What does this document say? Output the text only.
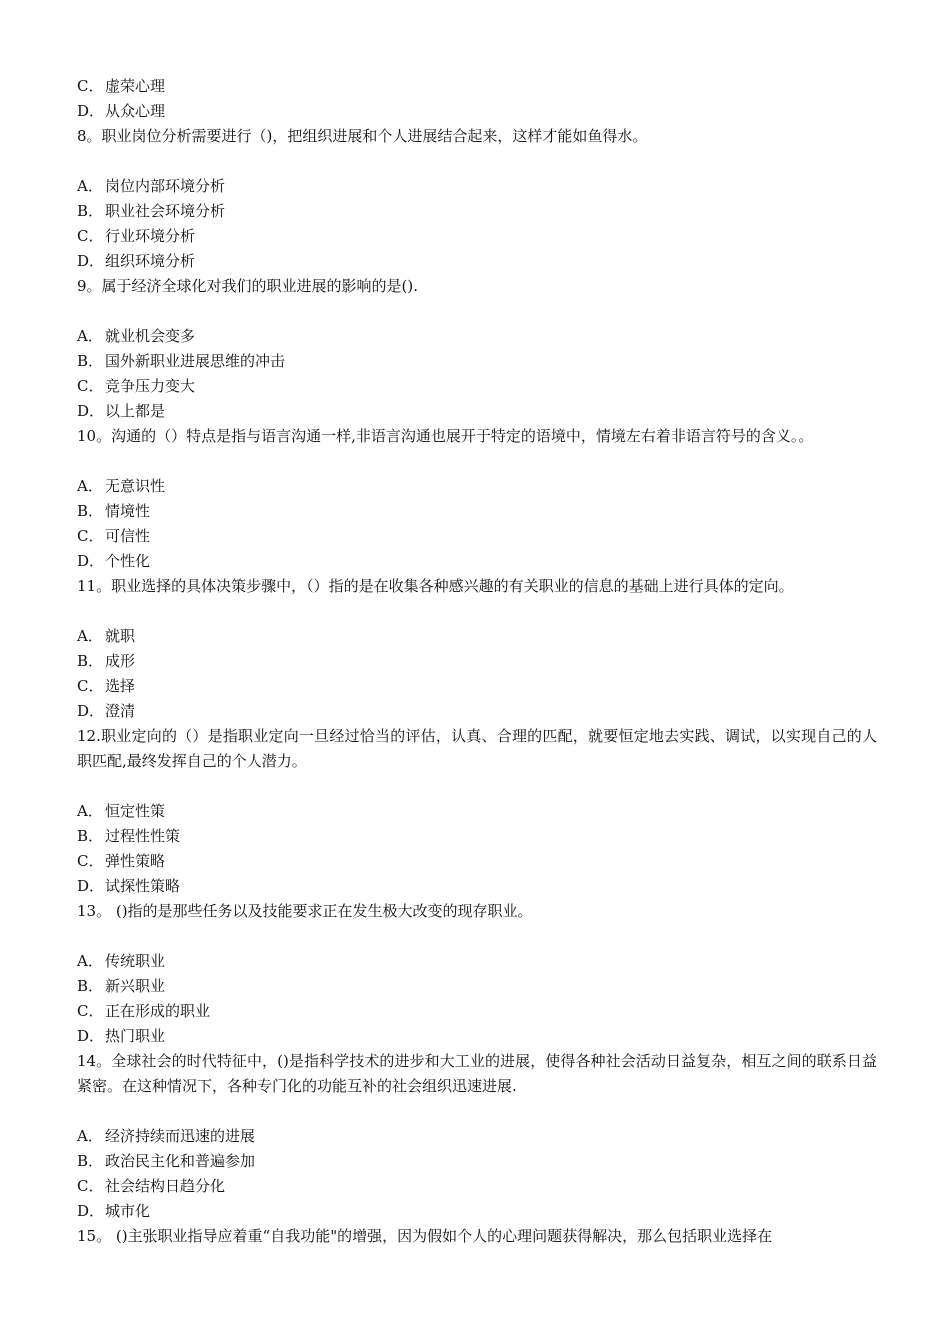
C． 虚荣心理
D．从众心理
8。职业岗位分析需要进行（)，把组织进展和个人进展结合起来，这样才能如鱼得水。
A． 岗位内部环境分析
B． 职业社会环境分析
C． 行业环境分析
D．组织环境分析
9。属于经济全球化对我们的职业进展的影响的是().
A． 就业机会变多
B． 国外新职业进展思维的冲击
C． 竞争压力变大
D．以上都是
10。沟通的（）特点是指与语言沟通一样,非语言沟通也展开于特定的语境中，情境左右着非语言符号的含义。。
A． 无意识性
B． 情境性
C． 可信性
D．个性化
11。职业选择的具体决策步骤中，（）指的是在收集各种感兴趣的有关职业的信息的基础上进行具体的定向。
A． 就职
B． 成形
C． 选择
D．澄清
12.职业定向的（）是指职业定向一旦经过恰当的评估，认真、合理的匹配，就要恒定地去实践、调试，以实现自己的人职匹配,最终发挥自己的个人潜力。
A． 恒定性策
B． 过程性性策
C． 弹性策略
D．试探性策略
13。 ()指的是那些任务以及技能要求正在发生极大改变的现存职业。
A． 传统职业
B． 新兴职业
C． 正在形成的职业
D．热门职业
14。全球社会的时代特征中，()是指科学技术的进步和大工业的进展，使得各种社会活动日益复杂，相互之间的联系日益紧密。在这种情况下，各种专门化的功能互补的社会组织迅速进展.
A． 经济持续而迅速的进展
B． 政治民主化和普遍参加
C． 社会结构日趋分化
D．城市化
15。 ()主张职业指导应着重“自我功能"的增强，因为假如个人的心理问题获得解决，那么包括职业选择在
